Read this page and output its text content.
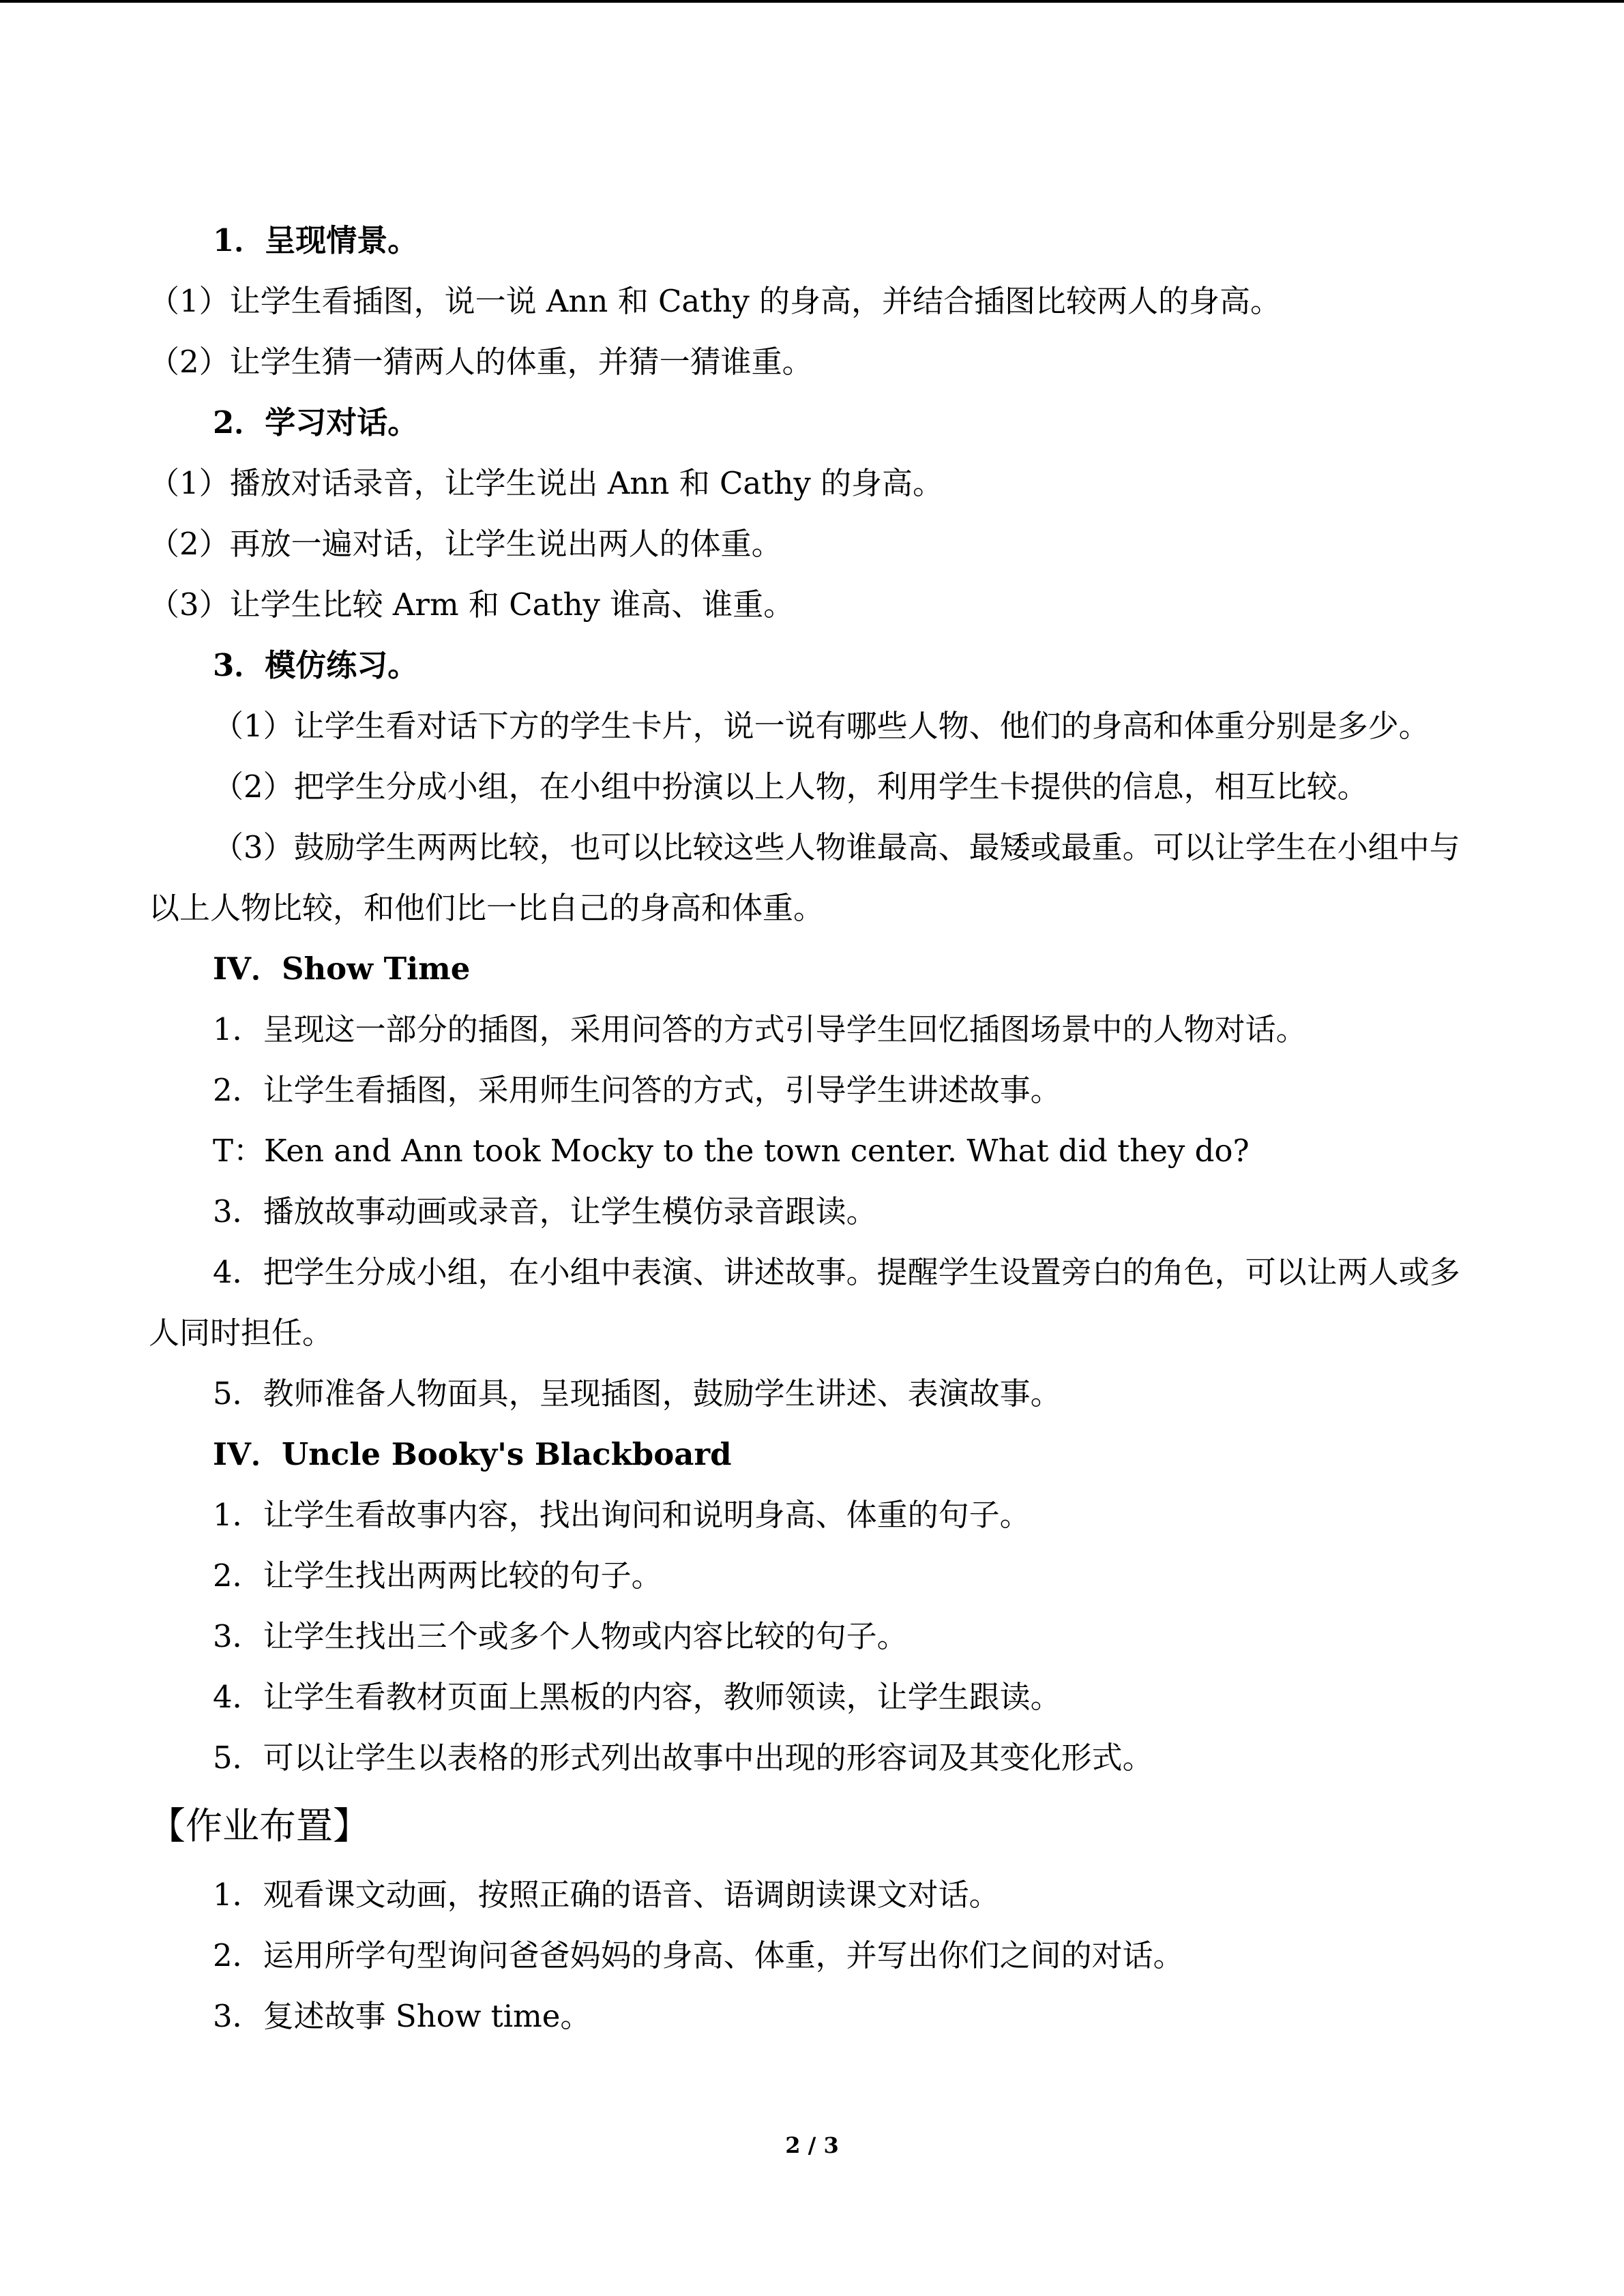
1．呈现情景。

（1）让学生看插图，说一说 Ann 和 Cathy 的身高，并结合插图比较两人的身高。

（2）让学生猜一猜两人的体重，并猜一猜谁重。

2．学习对话。

（1）播放对话录音，让学生说出 Ann 和 Cathy 的身高。

（2）再放一遍对话，让学生说出两人的体重。

（3）让学生比较 Arm 和 Cathy 谁高、谁重。

3．模仿练习。

（1）让学生看对话下方的学生卡片，说一说有哪些人物、他们的身高和体重分别是多少。

（2）把学生分成小组，在小组中扮演以上人物，利用学生卡提供的信息，相互比较。

（3）鼓励学生两两比较，也可以比较这些人物谁最高、最矮或最重。可以让学生在小组中与以上人物比较，和他们比一比自己的身高和体重。

IV．Show Time

1．呈现这一部分的插图，采用问答的方式引导学生回忆插图场景中的人物对话。

2．让学生看插图，采用师生问答的方式，引导学生讲述故事。

T：Ken and Ann took Mocky to the town center. What did they do?

3．播放故事动画或录音，让学生模仿录音跟读。

4．把学生分成小组，在小组中表演、讲述故事。提醒学生设置旁白的角色，可以让两人或多人同时担任。

5．教师准备人物面具，呈现插图，鼓励学生讲述、表演故事。

IV．Uncle Booky's Blackboard

1．让学生看故事内容，找出询问和说明身高、体重的句子。

2．让学生找出两两比较的句子。

3．让学生找出三个或多个人物或内容比较的句子。

4．让学生看教材页面上黑板的内容，教师领读，让学生跟读。

5．可以让学生以表格的形式列出故事中出现的形容词及其变化形式。

【作业布置】

1．观看课文动画，按照正确的语音、语调朗读课文对话。

2．运用所学句型询问爸爸妈妈的身高、体重，并写出你们之间的对话。

3．复述故事 Show time。

2 / 3
